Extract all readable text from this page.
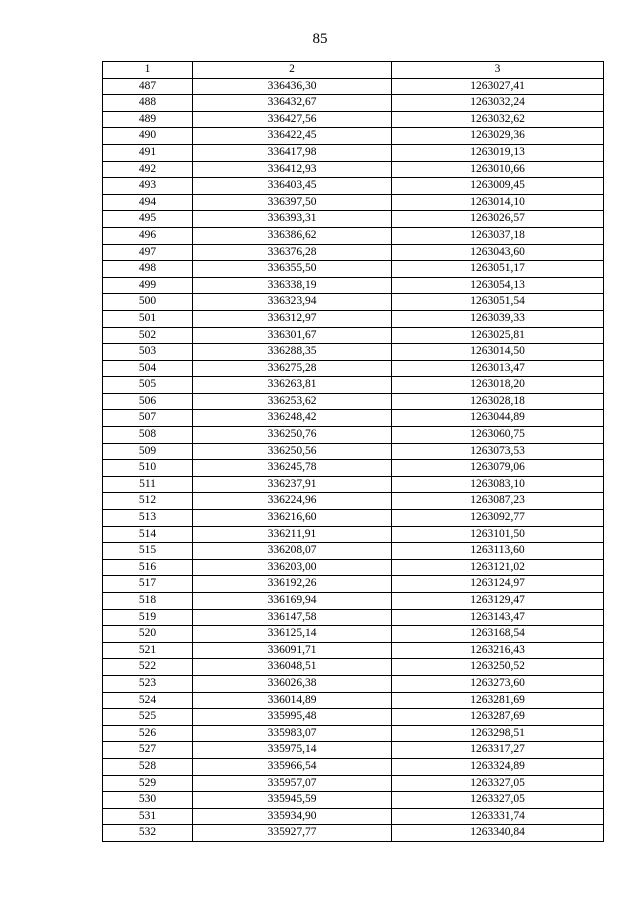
85
1	2	3
487	336436,30	1263027,41
488	336432,67	1263032,24
489	336427,56	1263032,62
490	336422,45	1263029,36
491	336417,98	1263019,13
492	336412,93	1263010,66
493	336403,45	1263009,45
494	336397,50	1263014,10
495	336393,31	1263026,57
496	336386,62	1263037,18
497	336376,28	1263043,60
498	336355,50	1263051,17
499	336338,19	1263054,13
500	336323,94	1263051,54
501	336312,97	1263039,33
502	336301,67	1263025,81
503	336288,35	1263014,50
504	336275,28	1263013,47
505	336263,81	1263018,20
506	336253,62	1263028,18
507	336248,42	1263044,89
508	336250,76	1263060,75
509	336250,56	1263073,53
510	336245,78	1263079,06
511	336237,91	1263083,10
512	336224,96	1263087,23
513	336216,60	1263092,77
514	336211,91	1263101,50
515	336208,07	1263113,60
516	336203,00	1263121,02
517	336192,26	1263124,97
518	336169,94	1263129,47
519	336147,58	1263143,47
520	336125,14	1263168,54
521	336091,71	1263216,43
522	336048,51	1263250,52
523	336026,38	1263273,60
524	336014,89	1263281,69
525	335995,48	1263287,69
526	335983,07	1263298,51
527	335975,14	1263317,27
528	335966,54	1263324,89
529	335957,07	1263327,05
530	335945,59	1263327,05
531	335934,90	1263331,74
532	335927,77	1263340,84
